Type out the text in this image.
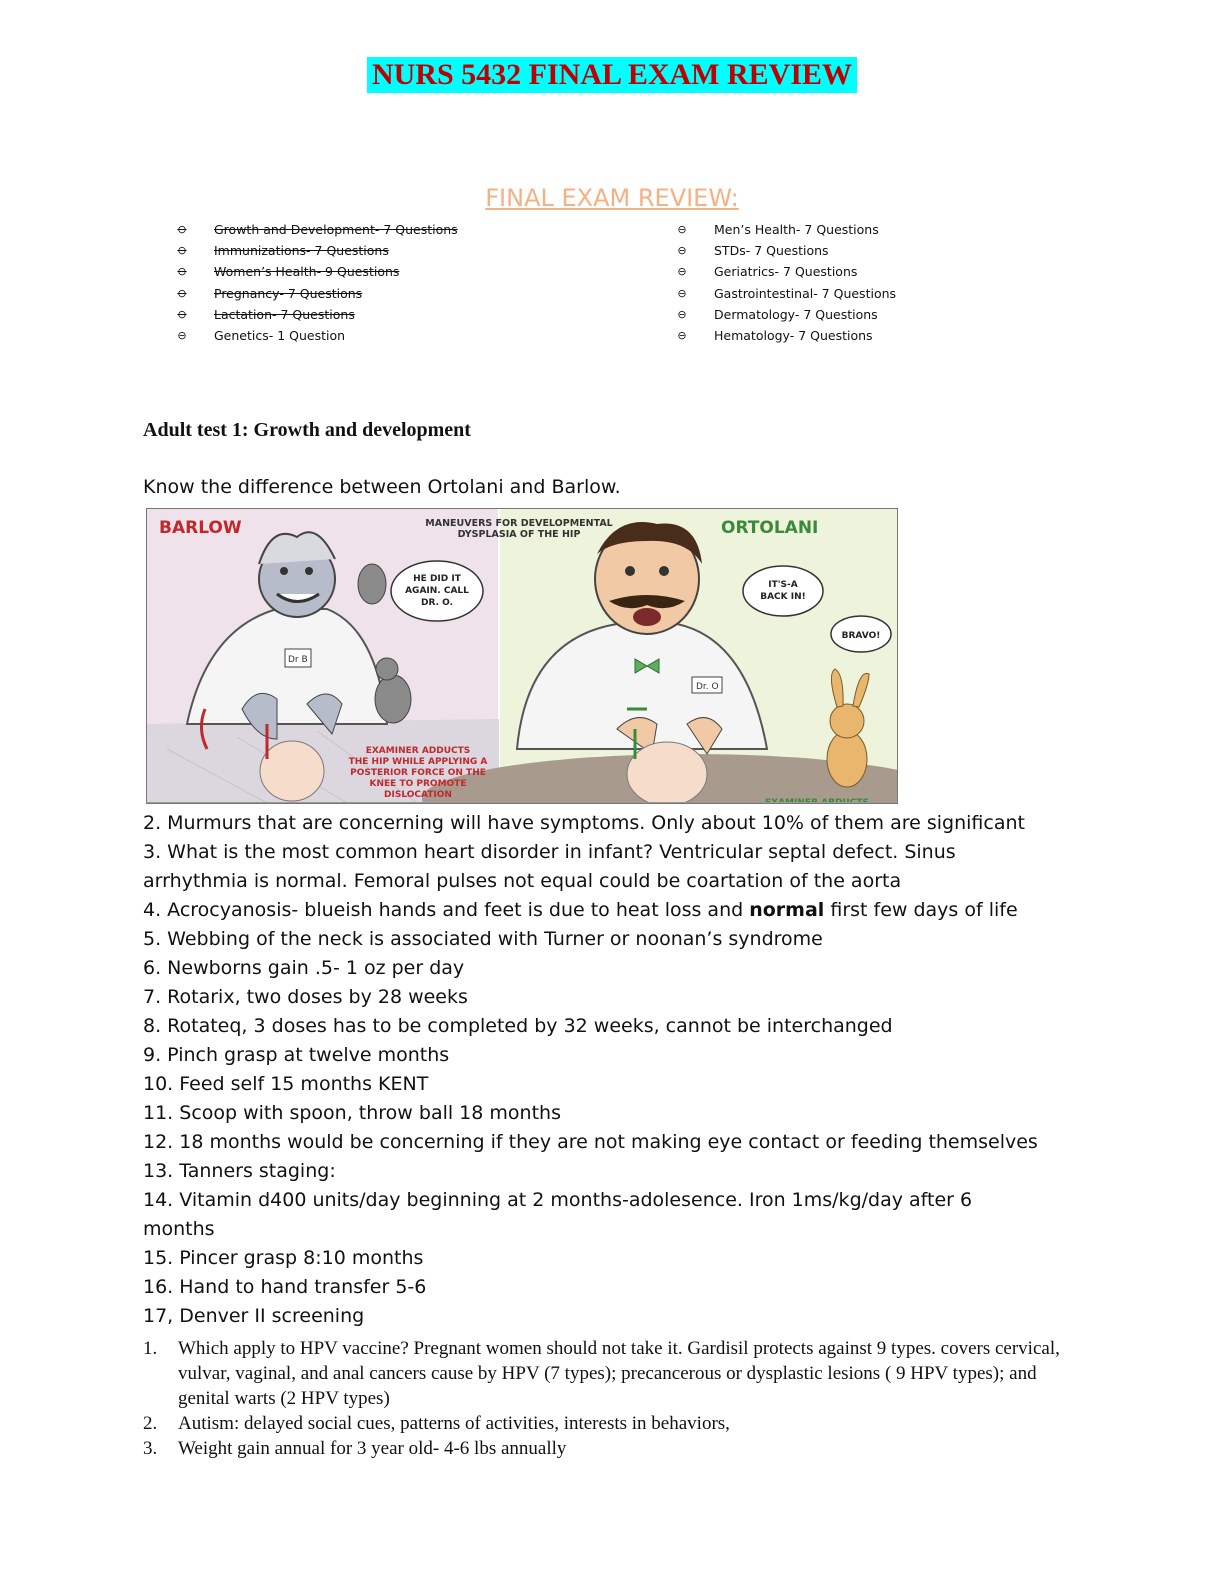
NURS 5432 FINAL EXAM REVIEW
FINAL EXAM REVIEW:
⊖ Growth and Development- 7 Questions
⊖ Immunizations- 7 Questions
⊖ Women’s Health- 9 Questions
⊖ Pregnancy- 7 Questions
⊖ Lactation- 7 Questions
⊖ Genetics- 1 Question
⊖ Men’s Health- 7 Questions
⊖ STDs- 7 Questions
⊖ Geriatrics- 7 Questions
⊖ Gastrointestinal- 7 Questions
⊖ Dermatology- 7 Questions
⊖ Hematology- 7 Questions
Adult test 1: Growth and development
Know the difference between Ortolani and Barlow.
BARLOW	ORTOLANI
MANEUVERS FOR DEVELOPMENTAL
DYSPLASIA OF THE HIP
Dr B
HE DID IT
AGAIN. CALL
DR. O.
EXAMINER ADDUCTS
THE HIP WHILE APPLYING A
POSTERIOR FORCE ON THE
KNEE TO PROMOTE
DISLOCATION
Dr. O
IT'S-A
BACK IN!
BRAVO!
EXAMINER ABDUCTS
2. Murmurs that are concerning will have symptoms. Only about 10% of them are significant
3. What is the most common heart disorder in infant? Ventricular septal defect. Sinus arrhythmia is normal. Femoral pulses not equal could be coartation of the aorta
4. Acrocyanosis- blueish hands and feet is due to heat loss and normal first few days of life
5. Webbing of the neck is associated with Turner or noonan’s syndrome
6. Newborns gain .5- 1 oz per day
7. Rotarix, two doses by 28 weeks
8. Rotateq, 3 doses has to be completed by 32 weeks, cannot be interchanged
9. Pinch grasp at twelve months
10. Feed self 15 months KENT
11. Scoop with spoon, throw ball 18 months
12. 18 months would be concerning if they are not making eye contact or feeding themselves
13. Tanners staging:
14. Vitamin d400 units/day beginning at 2 months-adolesence. Iron 1ms/kg/day after 6 months
15. Pincer grasp 8:10 months
16. Hand to hand transfer 5-6
17, Denver II screening
1. Which apply to HPV vaccine? Pregnant women should not take it. Gardisil protects against 9 types. covers cervical, vulvar, vaginal, and anal cancers cause by HPV (7 types); precancerous or dysplastic lesions ( 9 HPV types); and genital warts (2 HPV types)
2. Autism: delayed social cues, patterns of activities, interests in behaviors,
3. Weight gain annual for 3 year old- 4-6 lbs annually
